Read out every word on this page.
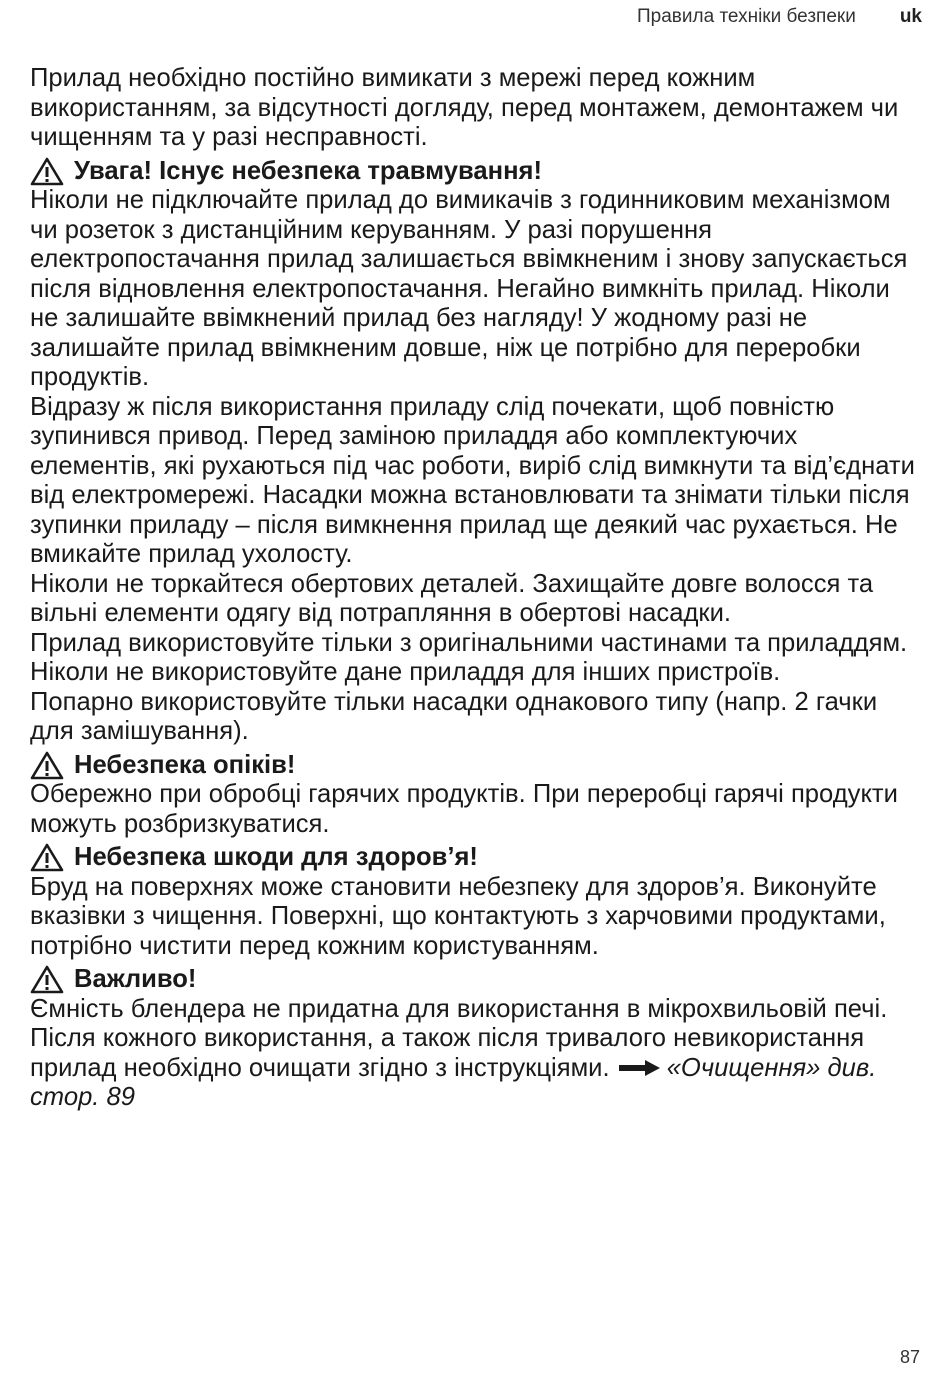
Правила техніки безпеки uk

Прилад необхідно постійно вимикати з мережі перед кожним використанням, за відсутності догляду, перед монтажем, демонтажем чи чищенням та у разі несправності.

Увага! Існує небезпека травмування!

Ніколи не підключайте прилад до вимикачів з годинниковим механізмом чи розеток з дистанційним керуванням. У разі порушення електропостачання прилад залишається ввімкненим і знову запускається після відновлення електропостачання. Негайно вимкніть прилад. Ніколи не залишайте ввімкнений прилад без нагляду! У жодному разі не залишайте прилад ввімкненим довше, ніж це потрібно для переробки продуктів.

Відразу ж після використання приладу слід почекати, щоб повністю зупинився привод. Перед заміною приладдя або комплектуючих елементів, які рухаються під час роботи, виріб слід вимкнути та від’єднати від електромережі. Насадки можна встановлювати та знімати тільки після зупинки приладу – після вимкнення прилад ще деякий час рухається. Не вмикайте прилад ухолосту.

Ніколи не торкайтеся обертових деталей. Захищайте довге волосся та вільні елементи одягу від потрапляння в обертові насадки.

Прилад використовуйте тільки з оригінальними частинами та приладдям. Ніколи не використовуйте дане приладдя для інших пристроїв.

Попарно використовуйте тільки насадки однакового типу (напр. 2 гачки для замішування).

Небезпека опіків!

Обережно при обробці гарячих продуктів. При переробці гарячі продукти можуть розбризкуватися.

Небезпека шкоди для здоров’я!

Бруд на поверхнях може становити небезпеку для здоров’я. Виконуйте вказівки з чищення. Поверхні, що контактують з харчовими продуктами, потрібно чистити перед кожним користуванням.

Важливо!

Ємність блендера не придатна для використання в мікрохвильовій печі. Після кожного використання, а також після тривалого невикористання прилад необхідно очищати згідно з інструкціями. «Очищення» див. стор. 89

87
